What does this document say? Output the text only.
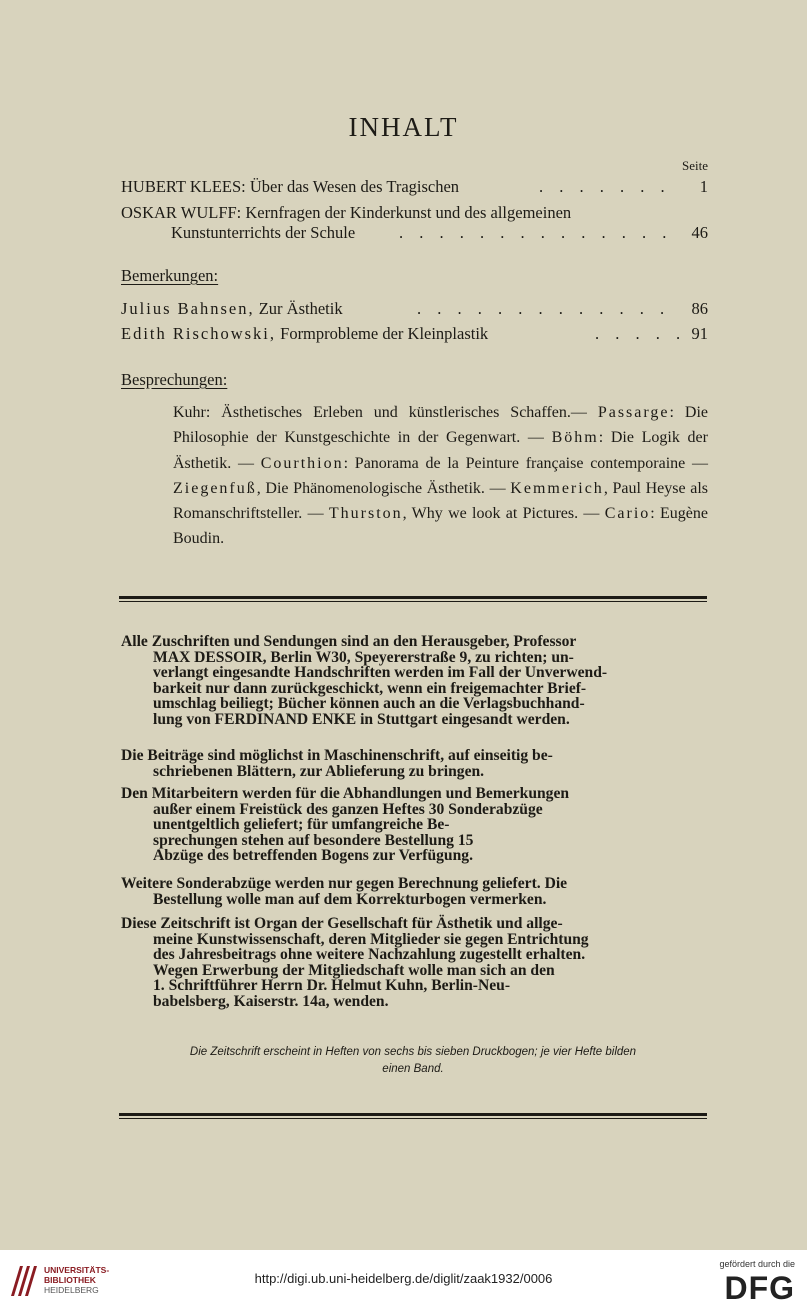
INHALT
Seite
HUBERT KLEES: Über das Wesen des Tragischen	. . . . . . . 1
OSKAR WULFF: Kernfragen der Kinderkunst und des allgemeinen
Kunstunterrichts der Schule	. . . . . . . . . . . . . . 46
Bemerkungen:
Julius Bahnsen, Zur Ästhetik	. . . . . . . . . . . . . 86
Edith Rischowski, Formprobleme der Kleinplastik	. . . . . 91
Besprechungen:
Kuhr: Ästhetisches Erleben und künstlerisches Schaffen.— Passarge: Die Philosophie der Kunstgeschichte in der Gegenwart. — Böhm: Die Logik der Ästhetik. — Courthion: Panorama de la Peinture française contemporaine — Ziegenfuß, Die Phänomenologische Ästhetik. — Kemmerich, Paul Heyse als Romanschriftsteller. — Thurston, Why we look at Pictures. — Cario: Eugène Boudin.
Alle Zuschriften und Sendungen sind an den Herausgeber, Professor
MAX DESSOIR, Berlin W30, Speyererstraße 9, zu richten; un-
verlangt eingesandte Handschriften werden im Fall der Unverwend-
barkeit nur dann zurückgeschickt, wenn ein freigemachter Brief-
umschlag beiliegt; Bücher können auch an die Verlagsbuchhand-
lung von FERDINAND ENKE in Stuttgart eingesandt werden.
Die Beiträge sind möglichst in Maschinenschrift, auf einseitig be-
schriebenen Blättern, zur Ablieferung zu bringen.
Den Mitarbeitern werden für die Abhandlungen und Bemerkungen
außer einem Freistück des ganzen Heftes 30 Sonderabzüge
unentgeltlich geliefert; für umfangreiche Be-
sprechungen stehen auf besondere Bestellung 15
Abzüge des betreffenden Bogens zur Verfügung.
Weitere Sonderabzüge werden nur gegen Berechnung geliefert. Die
Bestellung wolle man auf dem Korrekturbogen vermerken.
Diese Zeitschrift ist Organ der Gesellschaft für Ästhetik und allge-
meine Kunstwissenschaft, deren Mitglieder sie gegen Entrichtung
des Jahresbeitrags ohne weitere Nachzahlung zugestellt erhalten.
Wegen Erwerbung der Mitgliedschaft wolle man sich an den
1. Schriftführer Herrn Dr. Helmut Kuhn, Berlin-Neu-
babelsberg, Kaiserstr. 14a, wenden.
Die Zeitschrift erscheint in Heften von sechs bis sieben Druckbogen; je vier Hefte bilden
einen Band.
UNIVERSITÄTS-
BIBLIOTHEK
HEIDELBERG
http://digi.ub.uni-heidelberg.de/diglit/zaak1932/0006
gefördert durch die
DFG
